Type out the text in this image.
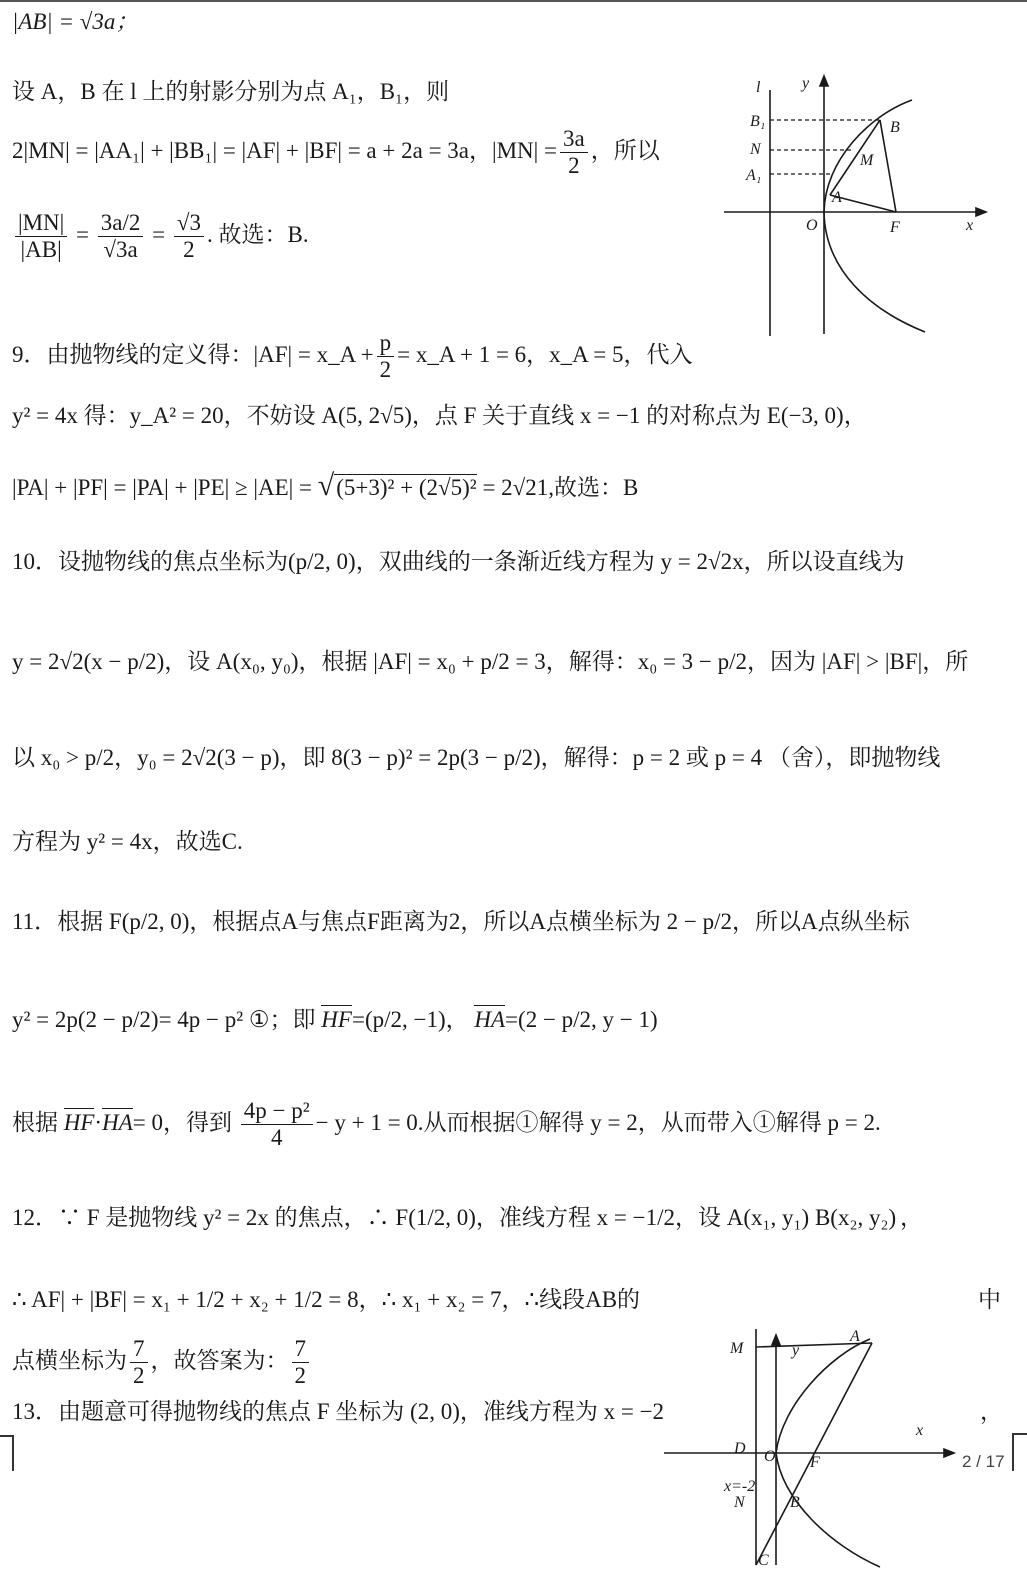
|AB| = √3a；
设 A，B 在 l 上的射影分别为点 A₁，B₁，则
2|MN| = |AA₁| + |BB₁| = |AF| + |BF| = a + 2a = 3a，$|MN| = \frac{3a}{2}$ ，所以
$\frac{|MN|}{|AB|} = \frac{3a/2}{√3a} = \frac{√3}{2}$ . 故选：B.
l	y
B₁
N
A₁
B
M
A
O	F	x
9．由抛物线的定义得：|AF| = x_A + $\frac{p}{2}$ = x_A + 1 = 6，x_A = 5，代入
y² = 4x 得：y_A² = 20，不妨设 A(5, 2√5)，点 F 关于直线 x = −1 的对称点为 E(−3, 0)，
|PA| + |PF| = |PA| + |PE| ≥ |AE| = √(5+3)² + (2√5)² = 2√21,故选：B
10．设抛物线的焦点坐标为(p/2, 0)，双曲线的一条渐近线方程为 y = 2√2x，所以设直线为
y = 2√2(x − p/2)，设 A(x₀, y₀)，根据 |AF| = x₀ + p/2 = 3，解得：x₀ = 3 − p/2，因为 |AF| > |BF|，所
以 x₀ > p/2，y₀ = 2√2(3 − p)，即 8(3 − p)² = 2p(3 − p/2)，解得：p = 2 或 p = 4 （舍），即抛物线
方程为 y² = 4x，故选C.
11．根据 F(p/2, 0)，根据点A与焦点F距离为2，所以A点横坐标为 2 − p/2，所以A点纵坐标
y² = 2p(2 − p/2)= 4p − p² ①；即 HF=(p/2, −1)， HA=(2 − p/2, y − 1)
根据 HF·HA= 0，得到 $\frac{\text{4p − p²}}{4} - y + 1 = 0$.从而根据①解得 y = 2，从而带入①解得 p = 2.
12．∵ F 是抛物线 y² = 2x 的焦点，∴ F(1/2, 0)，准线方程 x = −1/2，设 A(x₁, y₁) B(x₂, y₂) ，
∴ AF| + |BF| = x₁ + 1/2 + x₂ + 1/2 = 8，∴ x₁ + x₂ = 7，∴线段AB的	中
点横坐标为 $\frac{7}{2}$ ，故答案为： $\frac{7}{2}$
13．由题意可得抛物线的焦点 F 坐标为 (2, 0)，准线方程为 x = −2	，
M
A
y
x
D O F
x=-2
N	B
C
2 / 17
